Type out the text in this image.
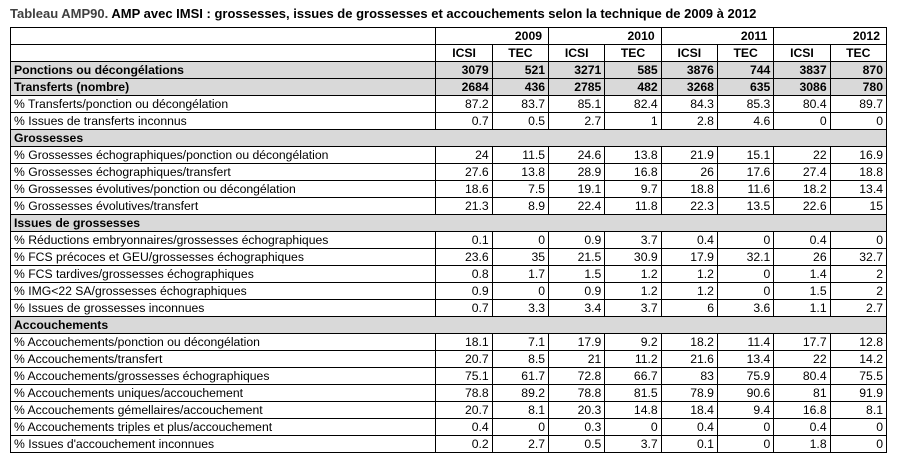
Tableau AMP90. AMP avec IMSI : grossesses, issues de grossesses et accouchements selon la technique de 2009 à 2012
	2009		2010		2011		2012	
	ICSI	TEC	ICSI	TEC	ICSI	TEC	ICSI	TEC
Ponctions ou décongélations	3079	521	3271	585	3876	744	3837	870
Transferts (nombre)	2684	436	2785	482	3268	635	3086	780
% Transferts/ponction ou décongélation	87.2	83.7	85.1	82.4	84.3	85.3	80.4	89.7
% Issues de transferts inconnus	0.7	0.5	2.7	1	2.8	4.6	0	0
Grossesses								
% Grossesses échographiques/ponction ou décongélation	24	11.5	24.6	13.8	21.9	15.1	22	16.9
% Grossesses échographiques/transfert	27.6	13.8	28.9	16.8	26	17.6	27.4	18.8
% Grossesses évolutives/ponction ou décongélation	18.6	7.5	19.1	9.7	18.8	11.6	18.2	13.4
% Grossesses évolutives/transfert	21.3	8.9	22.4	11.8	22.3	13.5	22.6	15
Issues de grossesses								
% Réductions embryonnaires/grossesses échographiques	0.1	0	0.9	3.7	0.4	0	0.4	0
% FCS précoces et GEU/grossesses échographiques	23.6	35	21.5	30.9	17.9	32.1	26	32.7
% FCS tardives/grossesses échographiques	0.8	1.7	1.5	1.2	1.2	0	1.4	2
% IMG<22 SA/grossesses échographiques	0.9	0	0.9	1.2	1.2	0	1.5	2
% Issues de grossesses inconnues	0.7	3.3	3.4	3.7	6	3.6	1.1	2.7
Accouchements								
% Accouchements/ponction ou décongélation	18.1	7.1	17.9	9.2	18.2	11.4	17.7	12.8
% Accouchements/transfert	20.7	8.5	21	11.2	21.6	13.4	22	14.2
% Accouchements/grossesses échographiques	75.1	61.7	72.8	66.7	83	75.9	80.4	75.5
% Accouchements uniques/accouchement	78.8	89.2	78.8	81.5	78.9	90.6	81	91.9
% Accouchements gémellaires/accouchement	20.7	8.1	20.3	14.8	18.4	9.4	16.8	8.1
% Accouchements triples et plus/accouchement	0.4	0	0.3	0	0.4	0	0.4	0
% Issues d'accouchement inconnues	0.2	2.7	0.5	3.7	0.1	0	1.8	0
